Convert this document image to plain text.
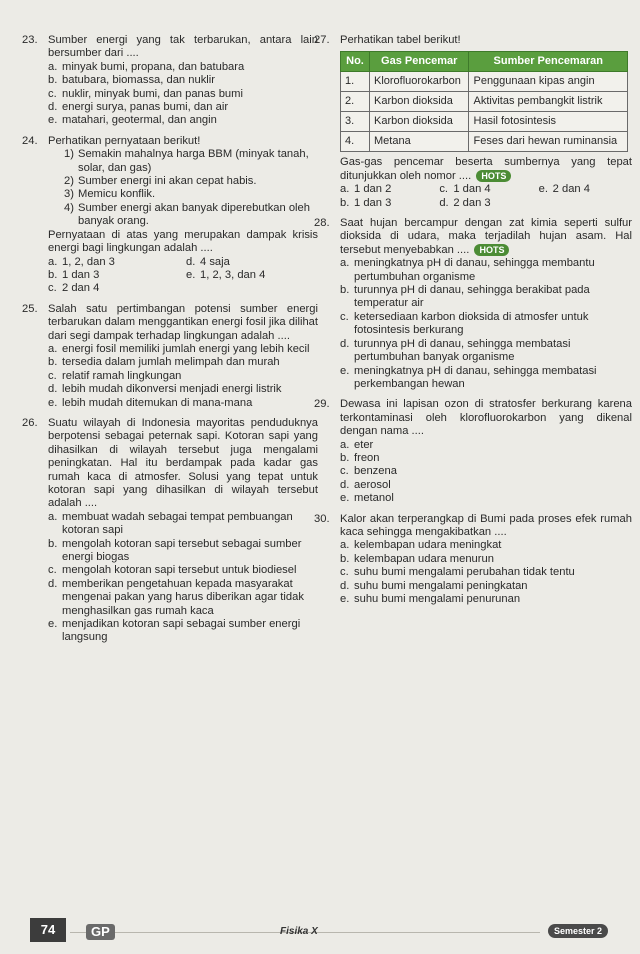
23. Sumber energi yang tak terbarukan, antara lain bersumber dari ....
a. minyak bumi, propana, dan batubara
b. batubara, biomassa, dan nuklir
c. nuklir, minyak bumi, dan panas bumi
d. energi surya, panas bumi, dan air
e. matahari, geotermal, dan angin
24. Perhatikan pernyataan berikut!
1) Semakin mahalnya harga BBM (minyak tanah, solar, dan gas)
2) Sumber energi ini akan cepat habis.
3) Memicu konflik.
4) Sumber energi akan banyak diperebutkan oleh banyak orang.
Pernyataan di atas yang merupakan dampak krisis energi bagi lingkungan adalah ....
a. 1, 2, dan 3	d. 4 saja
b. 1 dan 3	e. 1, 2, 3, dan 4
c. 2 dan 4
25. Salah satu pertimbangan potensi sumber energi terbarukan dalam menggantikan energi fosil jika dilihat dari segi dampak terhadap lingkungan adalah ....
a. energi fosil memiliki jumlah energi yang lebih kecil
b. tersedia dalam jumlah melimpah dan murah
c. relatif ramah lingkungan
d. lebih mudah dikonversi menjadi energi listrik
e. lebih mudah ditemukan di mana-mana
26. Suatu wilayah di Indonesia mayoritas penduduknya berpotensi sebagai peternak sapi. Kotoran sapi yang dihasilkan di wilayah tersebut juga mengalami peningkatan. Hal itu berdampak pada kadar gas rumah kaca di atmosfer. Solusi yang tepat untuk kotoran sapi yang dihasilkan di wilayah tersebut adalah ....
a. membuat wadah sebagai tempat pembuangan kotoran sapi
b. mengolah kotoran sapi tersebut sebagai sumber energi biogas
c. mengolah kotoran sapi tersebut untuk biodiesel
d. memberikan pengetahuan kepada masyarakat mengenai pakan yang harus diberikan agar tidak menghasilkan gas rumah kaca
e. menjadikan kotoran sapi sebagai sumber energi langsung
27. Perhatikan tabel berikut!
No.	Gas Pencemar	Sumber Pencemaran
1.	Klorofluorokarbon	Penggunaan kipas angin
2.	Karbon dioksida	Aktivitas pembangkit listrik
3.	Karbon dioksida	Hasil fotosintesis
4.	Metana	Feses dari hewan ruminansia
Gas-gas pencemar beserta sumbernya yang tepat ditunjukkan oleh nomor .... HOTS
a. 1 dan 2	c. 1 dan 4	e. 2 dan 4
b. 1 dan 3	d. 2 dan 3
28. Saat hujan bercampur dengan zat kimia seperti sulfur dioksida di udara, maka terjadilah hujan asam. Hal tersebut menyebabkan .... HOTS
a. meningkatnya pH di danau, sehingga membantu pertumbuhan organisme
b. turunnya pH di danau, sehingga berakibat pada temperatur air
c. ketersediaan karbon dioksida di atmosfer untuk fotosintesis berkurang
d. turunnya pH di danau, sehingga membatasi pertumbuhan banyak organisme
e. meningkatnya pH di danau, sehingga membatasi perkembangan hewan
29. Dewasa ini lapisan ozon di stratosfer berkurang karena terkontaminasi oleh klorofluorokarbon yang dikenal dengan nama ....
a. eter
b. freon
c. benzena
d. aerosol
e. metanol
30. Kalor akan terperangkap di Bumi pada proses efek rumah kaca sehingga mengakibatkan ....
a. kelembapan udara meningkat
b. kelembapan udara menurun
c. suhu bumi mengalami perubahan tidak tentu
d. suhu bumi mengalami peningkatan
e. suhu bumi mengalami penurunan
74	GP	Fisika X	Semester 2
